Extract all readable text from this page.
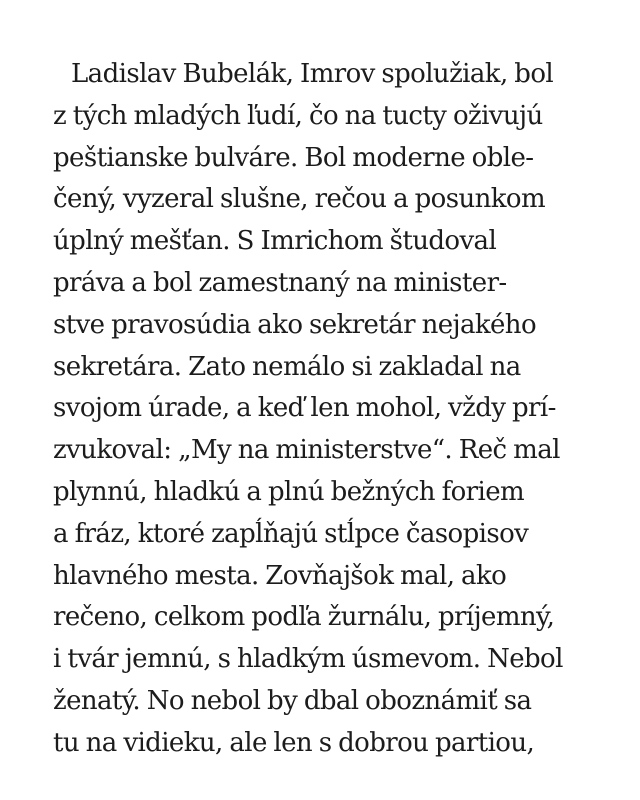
Ladislav Bubelák, Imrov spolužiak, bol
z tých mladých ľudí, čo na tucty oživujú
peštianske bulváre. Bol moderne oble-
čený, vyzeral slušne, rečou a posunkom
úplný mešťan. S Imrichom študoval
práva a bol zamestnaný na minister-
stve pravosúdia ako sekretár nejakého
sekretára. Zato nemálo si zakladal na
svojom úrade, a keď len mohol, vždy prí-
zvukoval: „My na ministerstve“. Reč mal
plynnú, hladkú a plnú bežných foriem
a fráz, ktoré zapĺňajú stĺpce časopisov
hlavného mesta. Zovňajšok mal, ako
rečeno, celkom podľa žurnálu, príjemný,
i tvár jemnú, s hladkým úsmevom. Nebol
ženatý. No nebol by dbal oboznámiť sa
tu na vidieku, ale len s dobrou partiou,
